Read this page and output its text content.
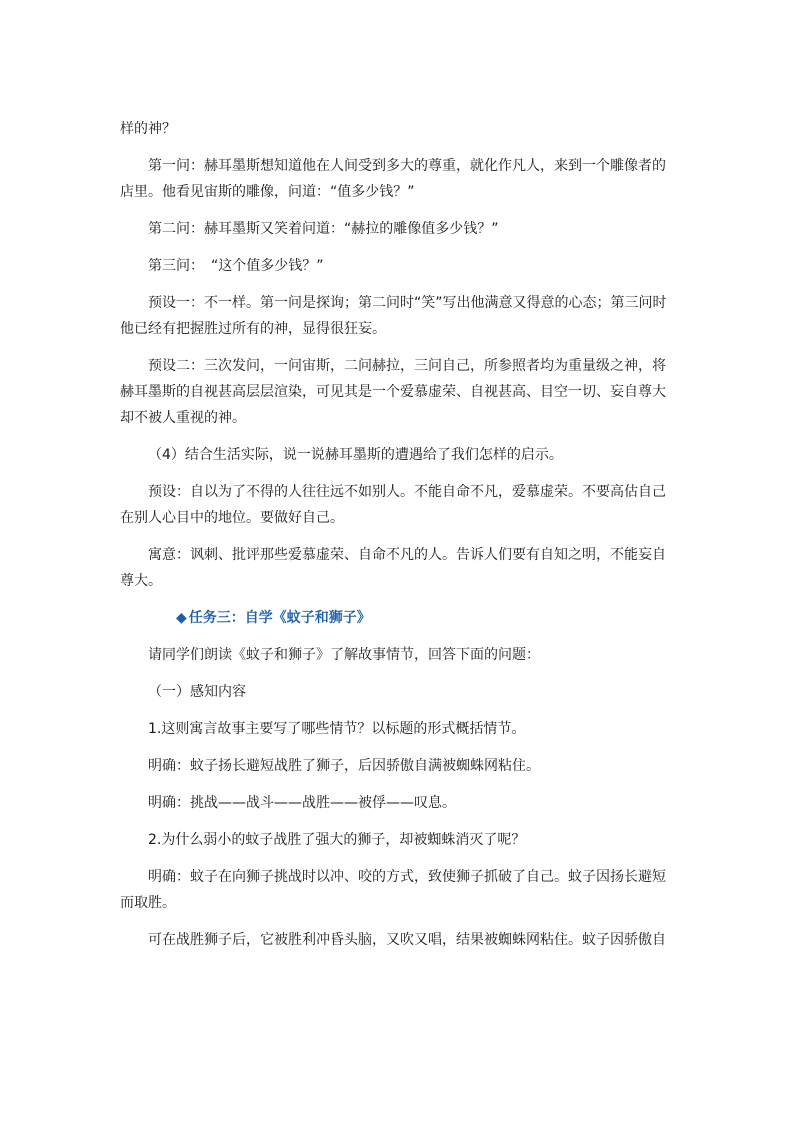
样的神？

第一问：赫耳墨斯想知道他在人间受到多大的尊重，就化作凡人，来到一个雕像者的店里。他看见宙斯的雕像，问道：“值多少钱？”

第二问：赫耳墨斯又笑着问道：“赫拉的雕像值多少钱？”

第三问：　“这个值多少钱？”

预设一：不一样。第一问是探询；第二问时“笑”写出他满意又得意的心态；第三问时他已经有把握胜过所有的神，显得很狂妄。

预设二：三次发问，一问宙斯，二问赫拉，三问自己，所参照者均为重量级之神，将赫耳墨斯的自视甚高层层渲染，可见其是一个爱慕虚荣、自视甚高、目空一切、妄自尊大却不被人重视的神。

（4）结合生活实际，说一说赫耳墨斯的遭遇给了我们怎样的启示。

预设：自以为了不得的人往往远不如别人。不能自命不凡，爱慕虚荣。不要高估自己在别人心目中的地位。要做好自己。

寓意：讽刺、批评那些爱慕虚荣、自命不凡的人。告诉人们要有自知之明，不能妄自尊大。

◆ 任务三：自学《蚊子和狮子》

请同学们朗读《蚊子和狮子》了解故事情节，回答下面的问题：

（一）感知内容

1.这则寓言故事主要写了哪些情节？以标题的形式概括情节。

明确：蚊子扬长避短战胜了狮子，后因骄傲自满被蜘蛛网粘住。

明确：挑战——战斗——战胜——被俘——叹息。

2.为什么弱小的蚊子战胜了强大的狮子，却被蜘蛛消灭了呢？

明确：蚊子在向狮子挑战时以冲、咬的方式，致使狮子抓破了自己。蚊子因扬长避短而取胜。

可在战胜狮子后，它被胜利冲昏头脑，又吹又唱，结果被蜘蛛网粘住。蚊子因骄傲自
